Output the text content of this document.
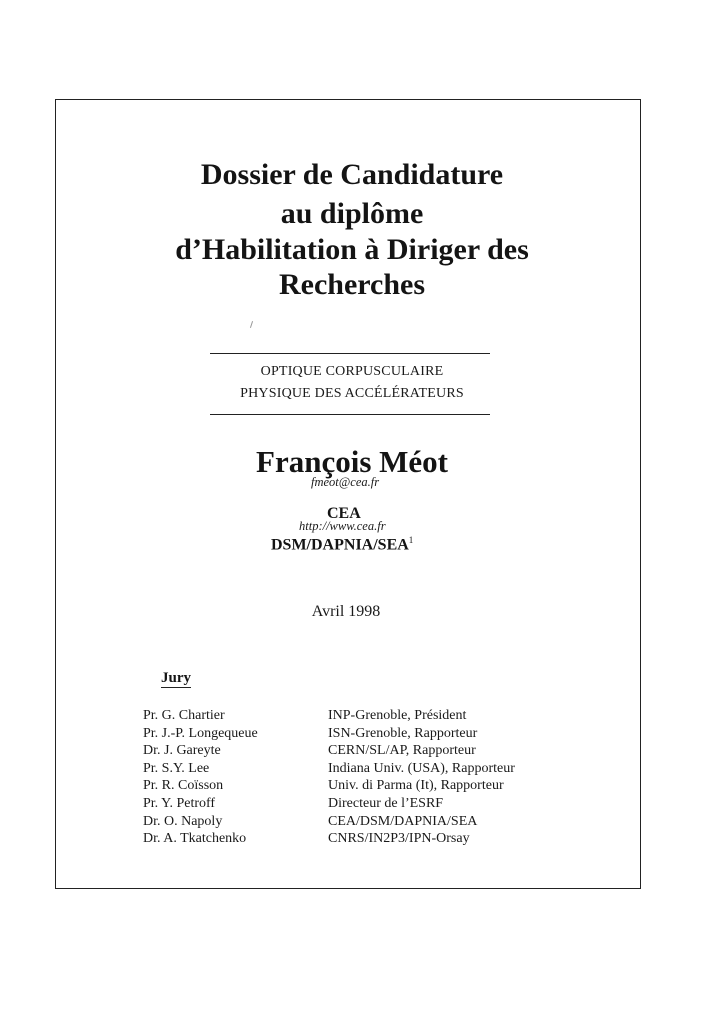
Dossier de Candidature
au diplôme
d’Habilitation à Diriger des
Recherches
OPTIQUE CORPUSCULAIRE
PHYSIQUE DES ACCÉLÉRATEURS
François Méot
fmeot@cea.fr
CEA
http://www.cea.fr
DSM/DAPNIA/SEA$^1$
Avril 1998
Jury
Pr. G. Chartier
Pr. J.-P. Longequeue
Dr. J. Gareyte
Pr. S.Y. Lee
Pr. R. Coïsson
Pr. Y. Petroff
Dr. O. Napoly
Dr. A. Tkatchenko
INP-Grenoble, Président
ISN-Grenoble, Rapporteur
CERN/SL/AP, Rapporteur
Indiana Univ. (USA), Rapporteur
Univ. di Parma (It), Rapporteur
Directeur de l’ESRF
CEA/DSM/DAPNIA/SEA
CNRS/IN2P3/IPN-Orsay
